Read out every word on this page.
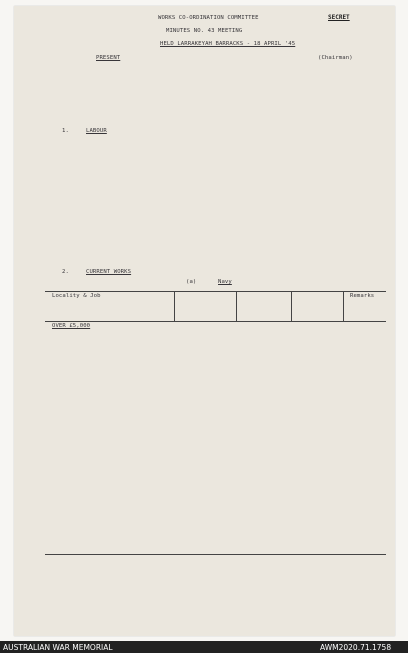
SECRET
WORKS CO-ORDINATION COMMITTEE
MINUTES NO. 43 MEETING
HELD LARRAKEYAH BARRACKS - 18 APRIL '45
PRESENT	(Chairman)
1.	LABOUR
2.	CURRENT WORKS
(a)	Navy
Locality & Job	Remarks
OVER £5,000
AUSTRALIAN WAR MEMORIAL	AWM2020.71.1758
